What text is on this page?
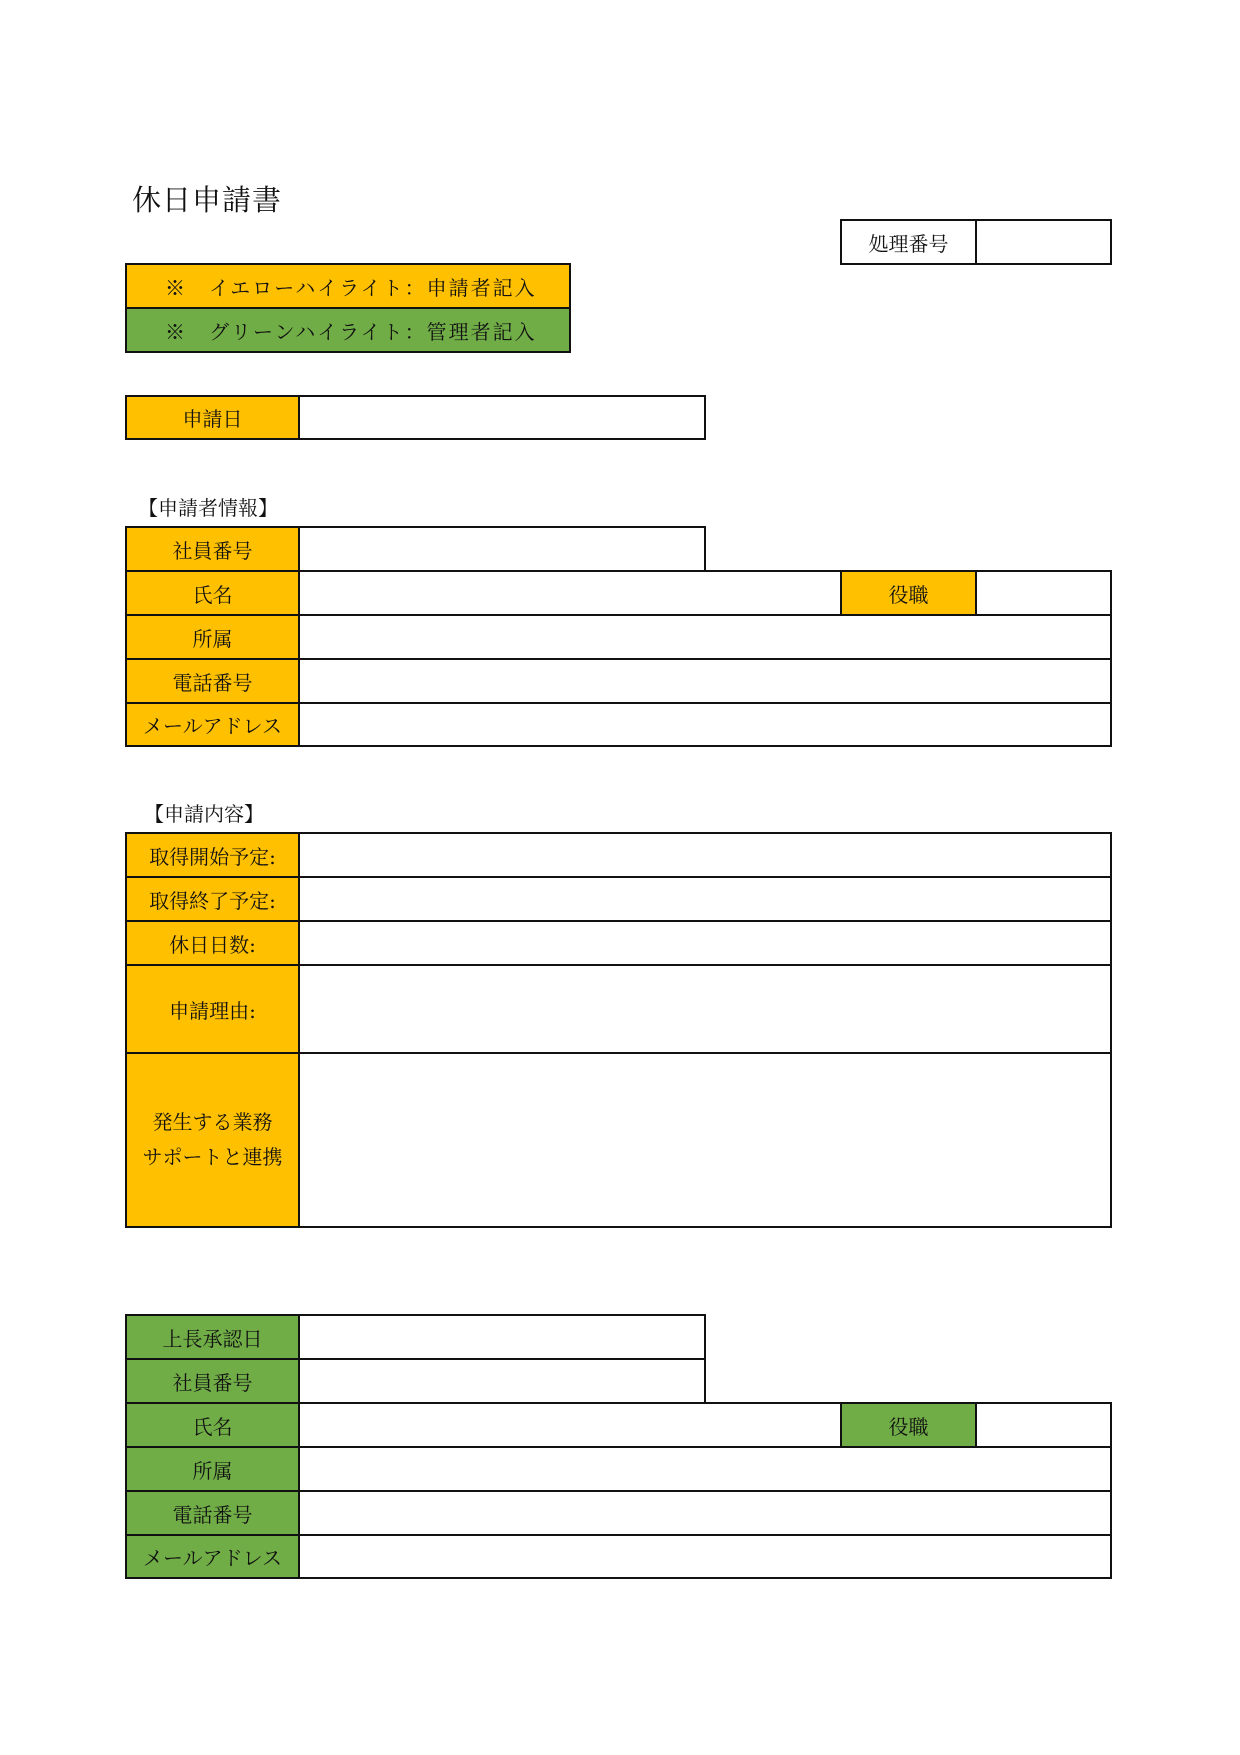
休日申請書
処理番号
※　イエローハイライト：申請者記入
※　グリーンハイライト：管理者記入
申請日
【申請者情報】
社員番号
氏名	役職
所属
電話番号
メールアドレス
【申請内容】
取得開始予定:
取得終了予定:
休日日数:
申請理由:
発生する業務
サポートと連携
上長承認日
社員番号
氏名	役職
所属
電話番号
メールアドレス
